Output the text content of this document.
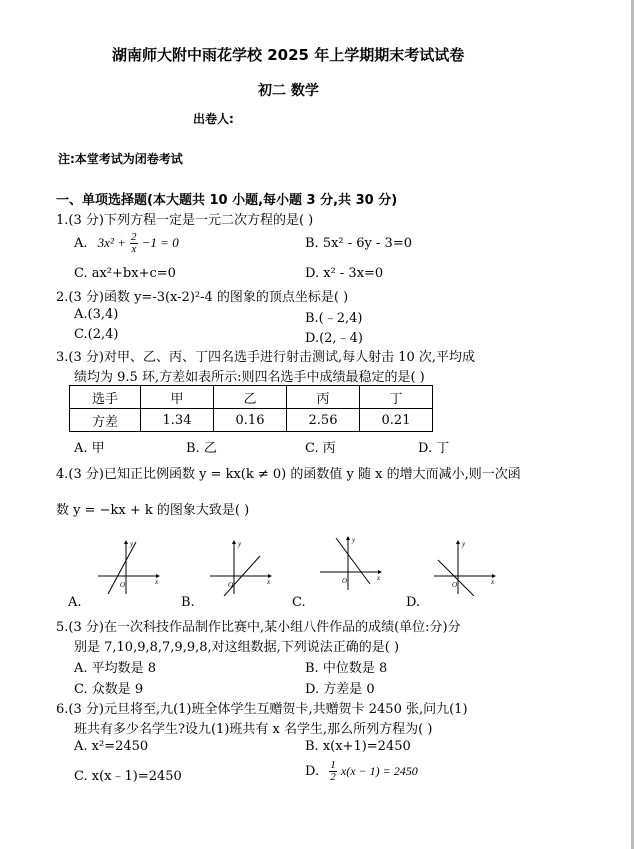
湖南师大附中雨花学校 2025 年上学期期末考试试卷
初二 数学
出卷人:
注:本堂考试为闭卷考试
一、单项选择题(本大题共 10 小题,每小题 3 分,共 30 分)
1.(3 分)下列方程一定是一元二次方程的是( )
A. $3x^2 + \frac{2}{x} -1 = 0$	B. 5x² - 6y - 3=0
C. ax²+bx+c=0	D. x² - 3x=0
2.(3 分)函数 y=-3(x-2)²-4 的图象的顶点坐标是( )
A.(3,4)	B.(﹣2,4)
C.(2,4)	D.(2,﹣4)
3.(3 分)对甲、乙、丙、丁四名选手进行射击测试,每人射击 10 次,平均成
绩均为 9.5 环,方差如表所示:则四名选手中成绩最稳定的是( )
选手	甲	乙	丙	丁
方差	1.34	0.16	2.56	0.21
A. 甲	B. 乙	C. 丙	D. 丁
4.(3 分)已知正比例函数 y = kx(k ≠ 0) 的函数值 y 随 x 的增大而减小,则一次函
数 y = −kx + k 的图象大致是( )
O
y
x	O
y
x	O
y
x
O
y
x
A.	B.	C.	D.
5.(3 分)在一次科技作品制作比赛中,某小组八件作品的成绩(单位:分)分
别是 7,10,9,8,7,9,9,8,对这组数据,下列说法正确的是( )
A. 平均数是 8	B. 中位数是 8
C. 众数是 9	D. 方差是 0
6.(3 分)元旦将至,九(1)班全体学生互赠贺卡,共赠贺卡 2450 张,问九(1)
班共有多少名学生?设九(1)班共有 x 名学生,那么所列方程为( )
A. x²=2450	B. x(x+1)=2450
C. x(x﹣1)=2450	D. $\frac{1}{2} x(x - 1) = 2450$
